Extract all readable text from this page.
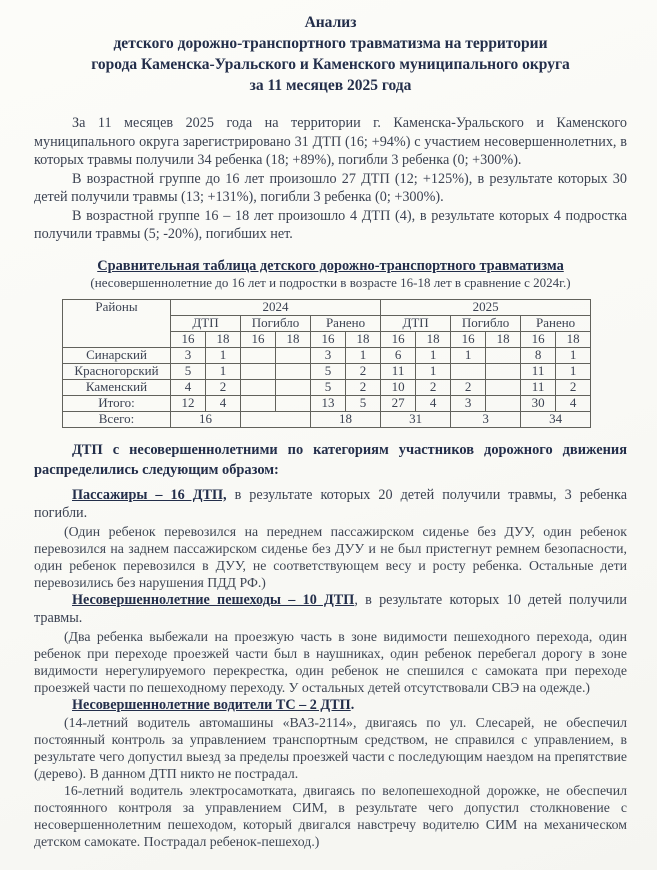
Анализ
детского дорожно-транспортного травматизма на территории
города Каменска-Уральского и Каменского муниципального округа
за 11 месяцев 2025 года

За 11 месяцев 2025 года на территории г. Каменска-Уральского и Каменского муниципального округа зарегистрировано 31 ДТП (16; +94%) с участием несовершеннолетних, в которых травмы получили 34 ребенка (18; +89%), погибли 3 ребенка (0; +300%).

В возрастной группе до 16 лет произошло 27 ДТП (12; +125%), в результате которых 30 детей получили травмы (13; +131%), погибли 3 ребенка (0; +300%).

В возрастной группе 16 – 18 лет произошло 4 ДТП (4), в результате которых 4 подростка получили травмы (5; -20%), погибших нет.

Сравнительная таблица детского дорожно-транспортного травматизма
(несовершеннолетние до 16 лет и подростки в возрасте 16-18 лет в сравнение с 2024г.)
Районы	2024						2025					
	ДТП		Погибло		Ранено		ДТП		Погибло		Ранено	
	16	18	16	18	16	18	16	18	16	18	16	18
Синарский	3	1			3	1	6	1	1		8	1
Красногорский	5	1			5	2	11	1			11	1
Каменский	4	2			5	2	10	2	2		11	2
Итого:	12	4			13	5	27	4	3		30	4
Всего:	16				18		31		3		34	

ДТП с несовершеннолетними по категориям участников дорожного движения распределились следующим образом:

Пассажиры – 16 ДТП, в результате которых 20 детей получили травмы, 3 ребенка погибли.

(Один ребенок перевозился на переднем пассажирском сиденье без ДУУ, один ребенок перевозился на заднем пассажирском сиденье без ДУУ и не был пристегнут ремнем безопасности, один ребенок перевозился в ДУУ, не соответствующем весу и росту ребенка. Остальные дети перевозились без нарушения ПДД РФ.)

Несовершеннолетние пешеходы – 10 ДТП, в результате которых 10 детей получили травмы.

(Два ребенка выбежали на проезжую часть в зоне видимости пешеходного перехода, один ребенок при переходе проезжей части был в наушниках, один ребенок перебегал дорогу в зоне видимости нерегулируемого перекрестка, один ребенок не спешился с самоката при переходе проезжей части по пешеходному переходу. У остальных детей отсутствовали СВЭ на одежде.)

Несовершеннолетние водители ТС – 2 ДТП.

(14-летний водитель автомашины «ВАЗ-2114», двигаясь по ул. Слесарей, не обеспечил постоянный контроль за управлением транспортным средством, не справился с управлением, в результате чего допустил выезд за пределы проезжей части с последующим наездом на препятствие (дерево). В данном ДТП никто не пострадал.

16-летний водитель электросамотката, двигаясь по велопешеходной дорожке, не обеспечил постоянного контроля за управлением СИМ, в результате чего допустил столкновение с несовершеннолетним пешеходом, который двигался навстречу водителю СИМ на механическом детском самокате. Пострадал ребенок-пешеход.)
